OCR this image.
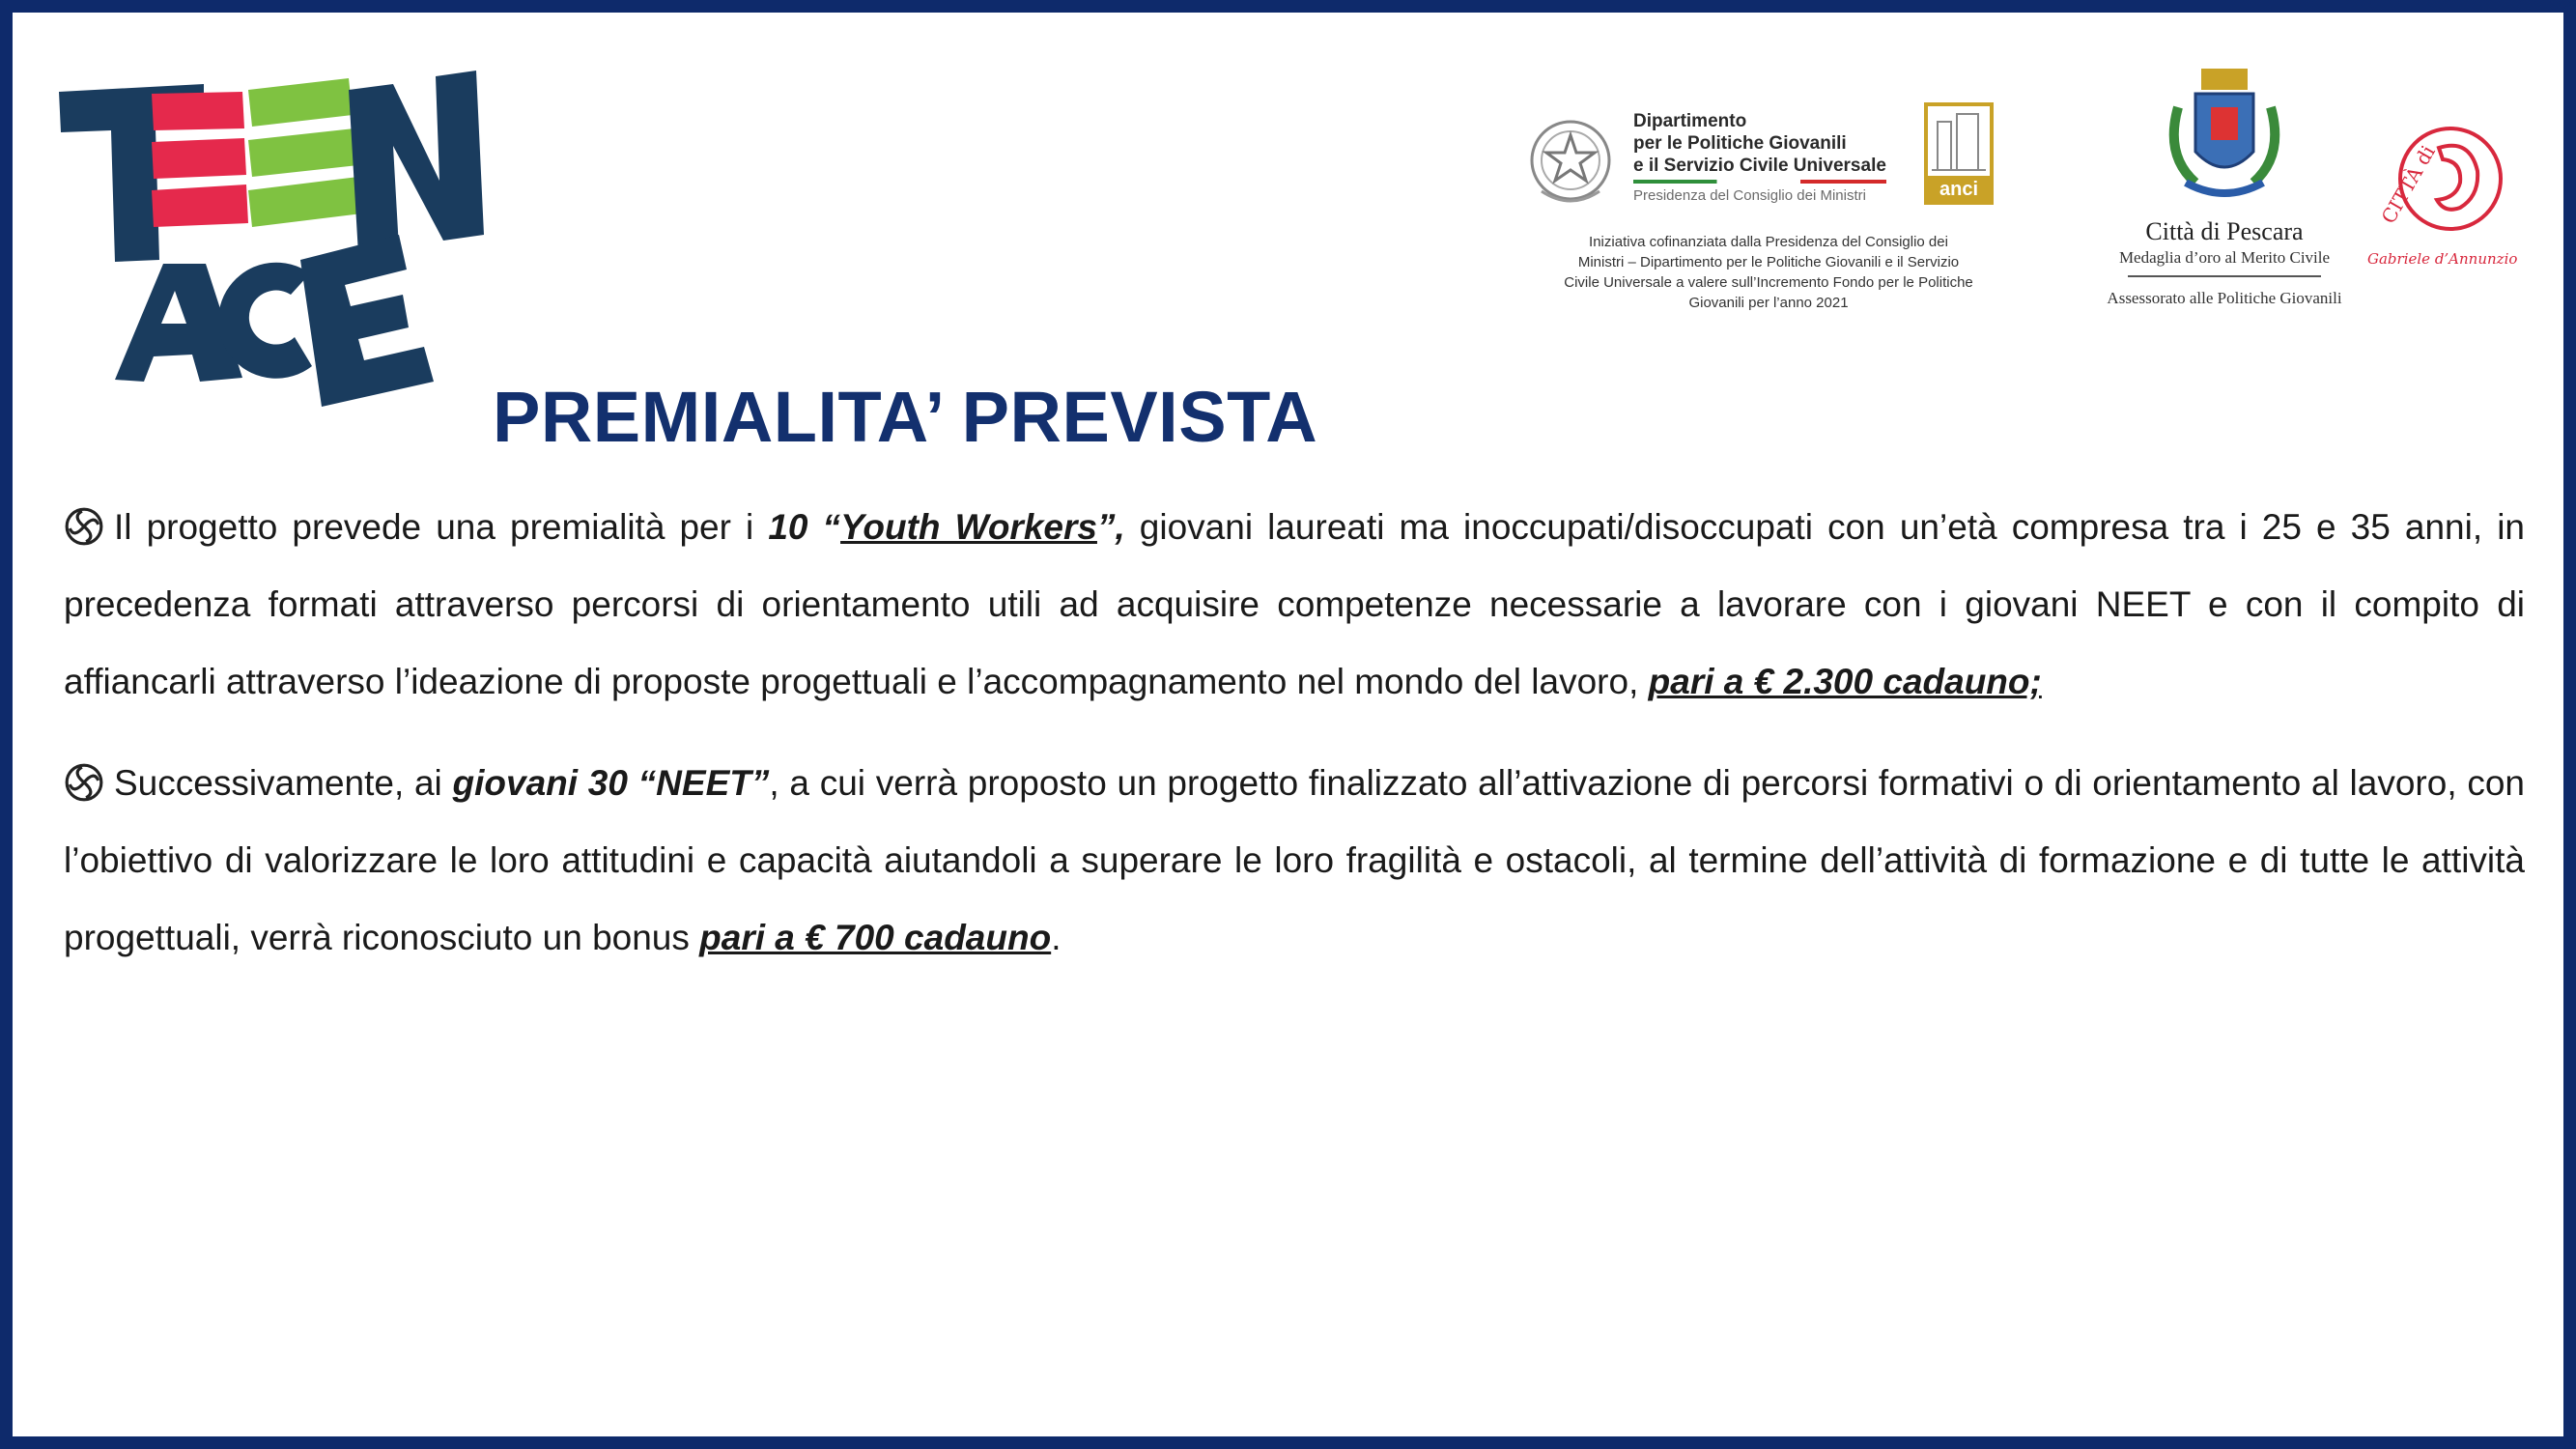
Dipartimento
per le Politiche Giovanili
e il Servizio Civile Universale
Presidenza del Consiglio dei Ministri	anci
Iniziativa cofinanziata dalla Presidenza del Consiglio dei
Ministri – Dipartimento per le Politiche Giovanili e il Servizio
Civile Universale a valere sull’Incremento Fondo per le Politiche
Giovanili per l’anno 2021
Città di Pescara
Medaglia d’oro al Merito Civile
Assessorato alle Politiche Giovanili
CITTÀ di
Gabriele d’Annunzio
PREMIALITA’ PREVISTA
Il progetto prevede una premialità per i 10 “Youth Workers”, giovani laureati ma inoccupati/disoccupati con un’età compresa tra i 25 e 35 anni, in precedenza formati attraverso percorsi di orientamento utili ad acquisire competenze necessarie a lavorare con i giovani NEET e con il compito di affiancarli attraverso l’ideazione di proposte progettuali e l’accompagnamento nel mondo del lavoro, pari a € 2.300 cadauno;
Successivamente, ai giovani 30 “NEET”, a cui verrà proposto un progetto finalizzato all’attivazione di percorsi formativi o di orientamento al lavoro, con l’obiettivo di valorizzare le loro attitudini e capacità aiutandoli a superare le loro fragilità e ostacoli, al termine dell’attività di formazione e di tutte le attività progettuali, verrà riconosciuto un bonus pari a € 700 cadauno.
